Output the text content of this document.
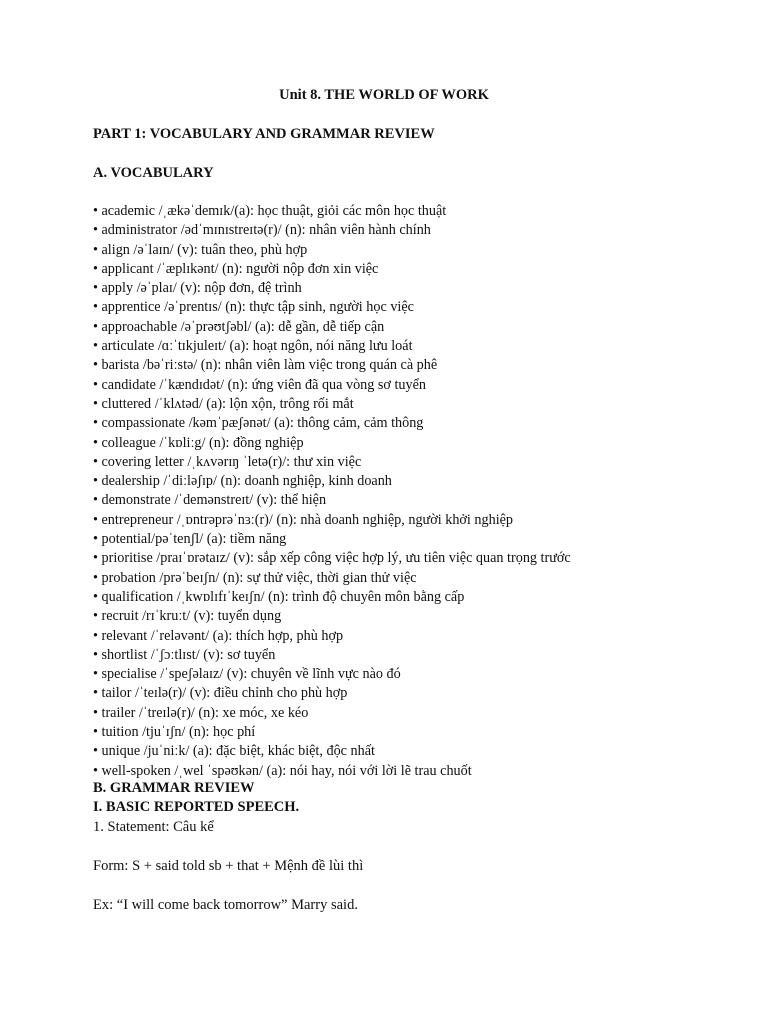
Unit 8. THE WORLD OF WORK
PART 1: VOCABULARY AND GRAMMAR REVIEW
A. VOCABULARY
• academic /ˌækəˈdemɪk/(a): học thuật, giỏi các môn học thuật
• administrator /ədˈmɪnɪstreɪtə(r)/ (n): nhân viên hành chính
• align /əˈlaɪn/ (v): tuân theo, phù hợp
• applicant /ˈæplɪkənt/ (n): người nộp đơn xin việc
• apply /əˈplaɪ/ (v): nộp đơn, đệ trình
• apprentice /əˈprentɪs/ (n): thực tập sinh, người học việc
• approachable /əˈprəʊtʃəbl/ (a): dễ gần, dễ tiếp cận
• articulate /ɑːˈtɪkjuleɪt/ (a): hoạt ngôn, nói năng lưu loát
• barista /bəˈriːstə/ (n): nhân viên làm việc trong quán cà phê
• candidate /ˈkændɪdət/ (n): ứng viên đã qua vòng sơ tuyển
• cluttered /ˈklʌtəd/ (a): lộn xộn, trông rối mắt
• compassionate /kəmˈpæʃənət/ (a): thông cảm, cảm thông
• colleague /ˈkɒliːg/ (n): đồng nghiệp
• covering letter /ˌkʌvərɪŋ ˈletə(r)/: thư xin việc
• dealership /ˈdiːləʃɪp/ (n): doanh nghiệp, kinh doanh
• demonstrate /ˈdemənstreɪt/ (v): thể hiện
• entrepreneur /ˌɒntrəprəˈnɜː(r)/ (n): nhà doanh nghiệp, người khởi nghiệp
• potential/pəˈtenʃl/ (a): tiềm năng
• prioritise /praɪˈɒrətaɪz/ (v): sắp xếp công việc hợp lý, ưu tiên việc quan trọng trước
• probation /prəˈbeɪʃn/ (n): sự thử việc, thời gian thử việc
• qualification /ˌkwɒlɪfɪˈkeɪʃn/ (n): trình độ chuyên môn bằng cấp
• recruit /rɪˈkruːt/ (v): tuyển dụng
• relevant /ˈreləvənt/ (a): thích hợp, phù hợp
• shortlist /ˈʃɔːtlɪst/ (v): sơ tuyển
• specialise /ˈspeʃəlaɪz/ (v): chuyên về lĩnh vực nào đó
• tailor /ˈteɪlə(r)/ (v): điều chỉnh cho phù hợp
• trailer /ˈtreɪlə(r)/ (n): xe móc, xe kéo
• tuition /tjuˈɪʃn/ (n): học phí
• unique /juˈniːk/ (a): đặc biệt, khác biệt, độc nhất
• well-spoken /ˌwel ˈspəʊkən/ (a): nói hay, nói với lời lẽ trau chuốt
B. GRAMMAR REVIEW
I. BASIC REPORTED SPEECH.
1. Statement: Câu kể
Form: S + said told sb + that + Mệnh đề lùi thì
Ex: “I will come back tomorrow” Marry said.
